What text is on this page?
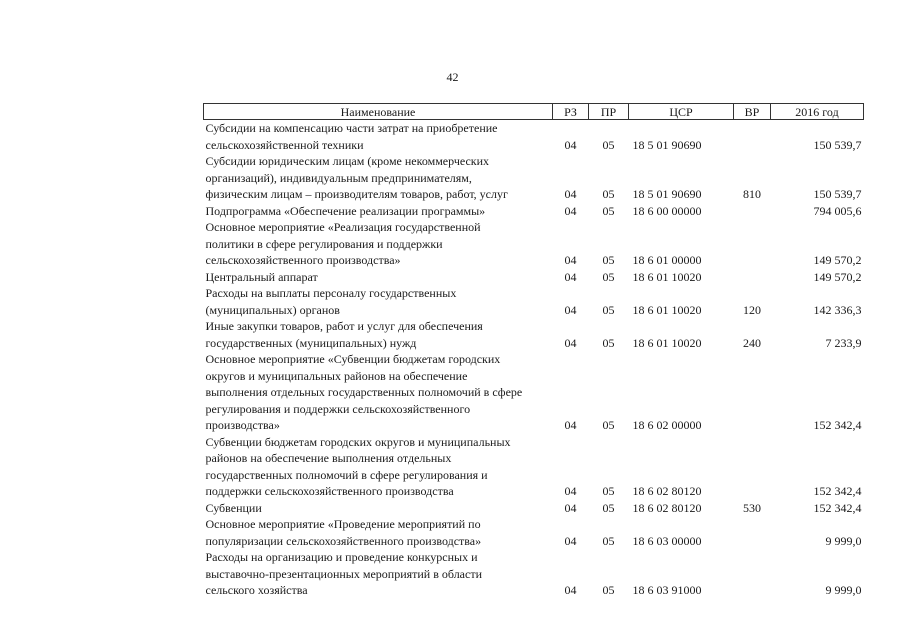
42
Наименование	РЗ	ПР	ЦСР	ВР	2016 год

Субсидии на компенсацию части затрат на приобретение
сельскохозяйственной техники	04	05	18 5 01 90690		150 539,7

Субсидии юридическим лицам (кроме некоммерческих
организаций), индивидуальным предпринимателям,
физическим лицам – производителям товаров, работ, услуг	04	05	18 5 01 90690	810	150 539,7

Подпрограмма «Обеспечение реализации программы»	04	05	18 6 00 00000		794 005,6

Основное мероприятие «Реализация государственной
политики в сфере регулирования и поддержки
сельскохозяйственного производства»	04	05	18 6 01 00000		149 570,2

Центральный аппарат	04	05	18 6 01 10020		149 570,2

Расходы на выплаты персоналу государственных
(муниципальных) органов	04	05	18 6 01 10020	120	142 336,3

Иные закупки товаров, работ и услуг для обеспечения
государственных (муниципальных) нужд	04	05	18 6 01 10020	240	7 233,9

Основное мероприятие «Субвенции бюджетам городских
округов и муниципальных районов на обеспечение
выполнения отдельных государственных полномочий в сфере
регулирования и поддержки сельскохозяйственного
производства»	04	05	18 6 02 00000		152 342,4

Субвенции бюджетам городских округов и муниципальных
районов на обеспечение выполнения отдельных
государственных полномочий в сфере регулирования и
поддержки сельскохозяйственного производства	04	05	18 6 02 80120		152 342,4

Субвенции	04	05	18 6 02 80120	530	152 342,4

Основное мероприятие «Проведение мероприятий по
популяризации сельскохозяйственного производства»	04	05	18 6 03 00000		9 999,0

Расходы на организацию и проведение конкурсных и
выставочно-презентационных мероприятий в области
сельского хозяйства	04	05	18 6 03 91000		9 999,0
